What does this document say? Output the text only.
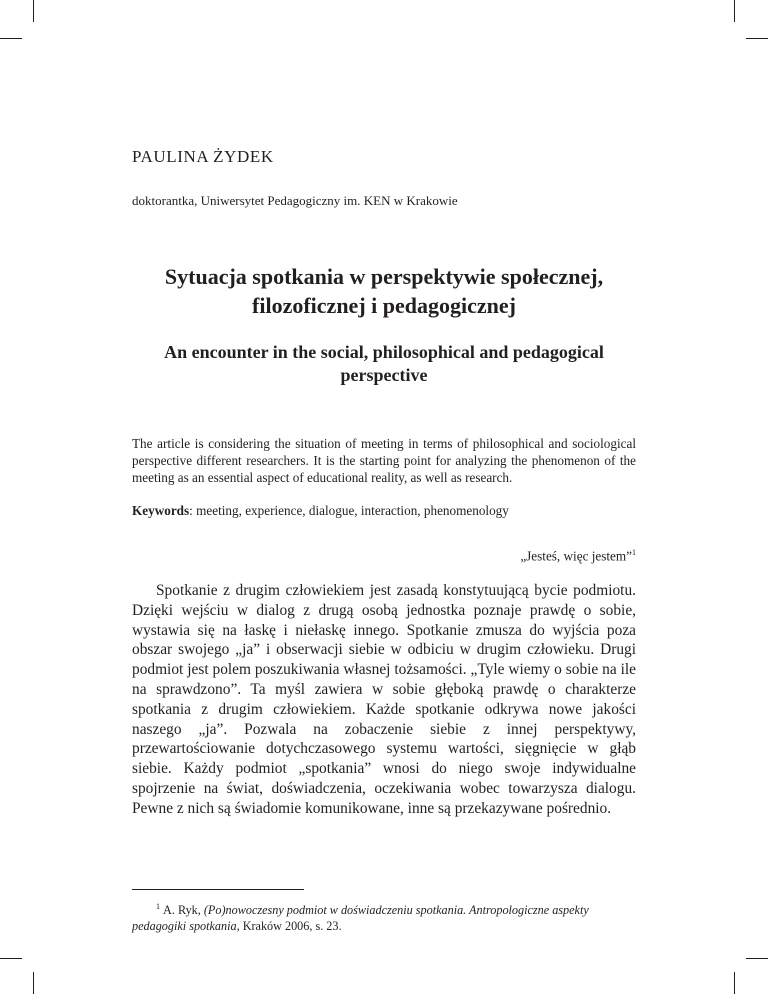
PAULINA ŻYDEK
doktorantka, Uniwersytet Pedagogiczny im. KEN w Krakowie
Sytuacja spotkania w perspektywie społecznej, filozoficznej i pedagogicznej
An encounter in the social, philosophical and pedagogical perspective
The article is considering the situation of meeting in terms of philosophical and sociological perspective different researchers. It is the starting point for analyzing the phenomenon of the meeting as an essential aspect of educational reality, as well as research.
Keywords: meeting, experience, dialogue, interaction, phenomenology
„Jesteś, więc jestem”$^1$
Spotkanie z drugim człowiekiem jest zasadą konstytuującą bycie podmiotu. Dzięki wejściu w dialog z drugą osobą jednostka poznaje prawdę o sobie, wystawia się na łaskę i niełaskę innego. Spotkanie zmusza do wyjścia poza obszar swojego „ja” i obserwacji siebie w odbiciu w drugim człowieku. Drugi podmiot jest polem poszukiwania własnej tożsamości. „Tyle wiemy o sobie na ile na sprawdzono”. Ta myśl zawiera w sobie głęboką prawdę o charakterze spotkania z drugim człowiekiem. Każde spotkanie odkrywa nowe jakości naszego „ja”. Pozwala na zobaczenie siebie z innej perspektywy, przewartościowanie dotychczasowego systemu wartości, sięgnięcie w głąb siebie. Każdy podmiot „spotkania” wnosi do niego swoje indywidualne spojrzenie na świat, doświadczenia, oczekiwania wobec towarzysza dialogu. Pewne z nich są świadomie komunikowane, inne są przekazywane pośrednio.
$^1$ A. Ryk, (Po)nowoczesny podmiot w doświadczeniu spotkania. Antropologiczne aspekty pedagogiki spotkania, Kraków 2006, s. 23.
